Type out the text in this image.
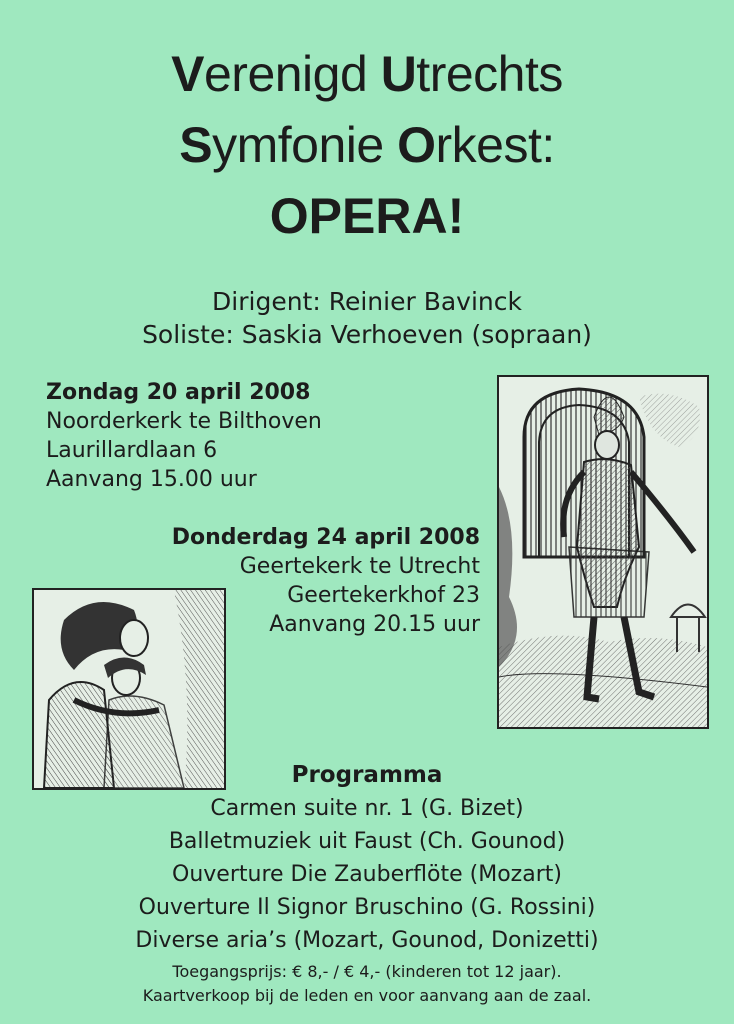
Verenigd Utrechts
Symfonie Orkest:
OPERA!
Dirigent: Reinier Bavinck
Soliste: Saskia Verhoeven (sopraan)
Zondag 20 april 2008
Noorderkerk te Bilthoven
Laurillardlaan 6
Aanvang 15.00 uur
Donderdag 24 april 2008
Geertekerk te Utrecht
Geertekerkhof 23
Aanvang 20.15 uur
Programma
Carmen suite nr. 1 (G. Bizet)
Balletmuziek uit Faust (Ch. Gounod)
Ouverture Die Zauberflöte (Mozart)
Ouverture Il Signor Bruschino (G. Rossini)
Diverse aria’s (Mozart, Gounod, Donizetti)
Toegangsprijs: € 8,- / € 4,- (kinderen tot 12 jaar).
Kaartverkoop bij de leden en voor aanvang aan de zaal.
